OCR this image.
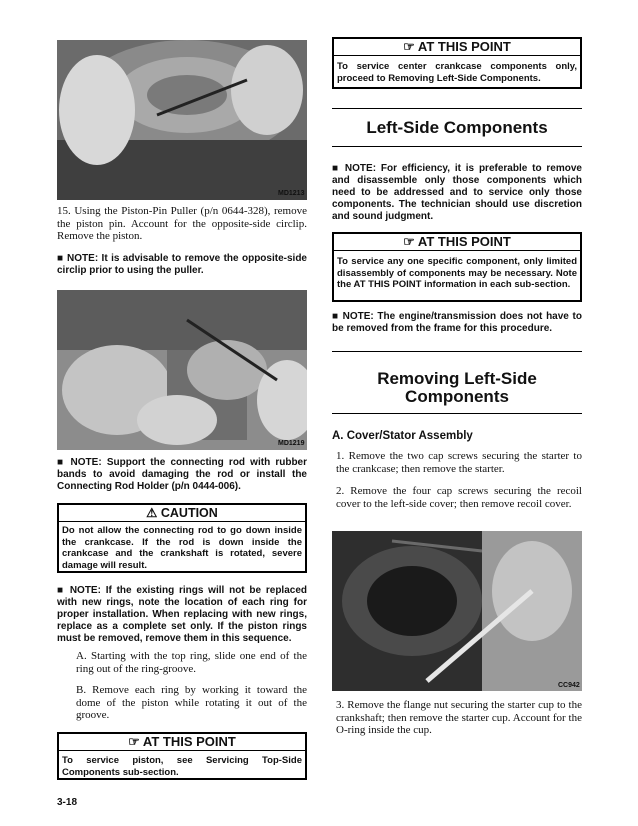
MD1213
15. Using the Piston-Pin Puller (p/n 0644-328), remove the piston pin. Account for the opposite-side circlip. Remove the piston.
■ NOTE: It is advisable to remove the opposite-side circlip prior to using the puller.
MD1219
■ NOTE: Support the connecting rod with rubber bands to avoid damaging the rod or install the Connecting Rod Holder (p/n 0444-006).
⚠ CAUTION
Do not allow the connecting rod to go down inside the crankcase. If the rod is down inside the crankcase and the crankshaft is rotated, severe damage will result.
■ NOTE: If the existing rings will not be replaced with new rings, note the location of each ring for proper installation. When replacing with new rings, replace as a complete set only. If the piston rings must be removed, remove them in this sequence.
A. Starting with the top ring, slide one end of the ring out of the ring-groove.
B. Remove each ring by working it toward the dome of the piston while rotating it out of the groove.
☞ AT THIS POINT
To service piston, see Servicing Top-Side Components sub-section.
3-18
☞ AT THIS POINT
To service center crankcase components only, proceed to Removing Left-Side Components.
Left-Side Components
■ NOTE: For efficiency, it is preferable to remove and disassemble only those components which need to be addressed and to service only those components. The technician should use discretion and sound judgment.
☞ AT THIS POINT
To service any one specific component, only limited disassembly of components may be necessary. Note the AT THIS POINT information in each sub-section.
■ NOTE: The engine/transmission does not have to be removed from the frame for this procedure.
Removing Left-Side
Components
A. Cover/Stator Assembly
1. Remove the two cap screws securing the starter to the crankcase; then remove the starter.
2. Remove the four cap screws securing the recoil cover to the left-side cover; then remove recoil cover.
CC942
3. Remove the flange nut securing the starter cup to the crankshaft; then remove the starter cup. Account for the O-ring inside the cup.
